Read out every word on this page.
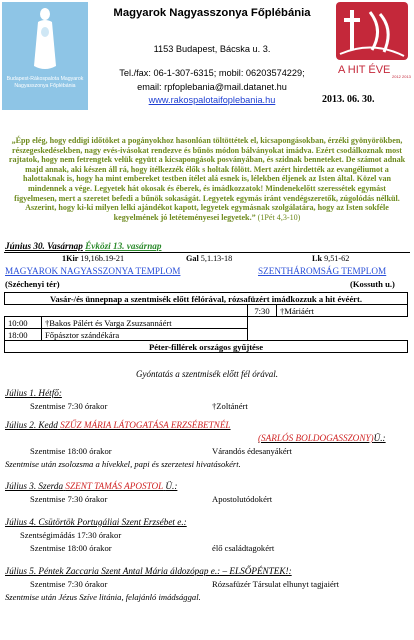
Budapest-Rákospalota Magyarok Nagyasszonya Főplébánia
Magyarok Nagyasszonya Főplébánia
1153 Budapest, Bácska u. 3.
Tel./fax: 06-1-307-6315; mobil: 06203574229;
email: rpfoplebania@mail.datanet.hu
www.rakospalotaifoplebania.hu
A HIT ÉVE
2012 2013
2013. 06. 30.
„Épp elég, hogy eddigi időtöket a pogányokhoz hasonlóan töltöttétek el, kicsapongásokban, érzéki gyönyörökben, részegeskedésekben, nagy evés-ivásokat rendezve és bűnös módon bálványokat imádva. Ezért csodálkoznak most rajtatok, hogy nem fetrengtek velük együtt a kicsapongások posványában, és szidnak benneteket. De számot adnak majd annak, aki készen áll rá, hogy ítélkezzék élők s holtak fölött. Mert azért hirdették az evangéliumot a halottaknak is, hogy ha mint embereket testben ítélet alá esnek is, lélekben éljenek az Isten által. Közel van mindennek a vége. Legyetek hát okosak és éberek, és imádkozzatok! Mindenekelőtt szeressétek egymást figyelmesen, mert a szeretet befedi a bűnök sokaságát. Legyetek egymás iránt vendégszeretők, zúgolódás nélkül. Aszerint, hogy ki-ki milyen lelki ajándékot kapott, legyetek egymásnak szolgálatára, hogy az Isten sokféle kegyelmének jó letéteményesei legyetek.” (1Pét 4,3-10)
Június 30. Vasárnap Évközi 13. vasárnap
1Kir 19,16b.19-21	Gal 5,1.13-18	Lk 9,51-62
MAGYAROK NAGYASSZONYA TEMPLOM
(Széchenyi tér)
SZENTHÁROMSÁG TEMPLOM
(Kossuth u.)
Vasár-/és ünnepnap a szentmisék előtt félórával, rózsafüzért imádkozzuk a hit évéért.			
		7:30	†Máriáért
10:00	†Bakos Pálért és Varga Zsuzsannáért		
18:00	Főpásztor szándékára		
Péter-fillérek országos gyűjtése			
Gyóntatás a szentmisék előtt fél órával.
Július 1. Hétfő:
Szentmise 7:30 órakor	†Zoltánért
Július 2. Kedd SZŰZ MÁRIA LÁTOGATÁSA ERZSÉBETNÉL
(SARLÓS BOLDOGASSZONY)Ü.:
Szentmise 18:00 órakor	Várandós édesanyákért
Szentmise után zsolozsma a hívekkel, papi és szerzetesi hivatásokért.
Július 3. Szerda SZENT TAMÁS APOSTOL Ü.:
Szentmise 7:30 órakor	Apostolutódokért
Július 4. Csütörtök Portugáliai Szent Erzsébet e.:
Szentségimádás 17:30 órakor
Szentmise 18:00 órakor	élő családtagokért
Július 5. Péntek Zaccaria Szent Antal Mária áldozópap e.: – ELSŐPÉNTEK!:
Szentmise 7:30 órakor	Rózsafüzér Társulat elhunyt tagjaiért
Szentmise után Jézus Szíve litánia, felajánló imádsággal.
